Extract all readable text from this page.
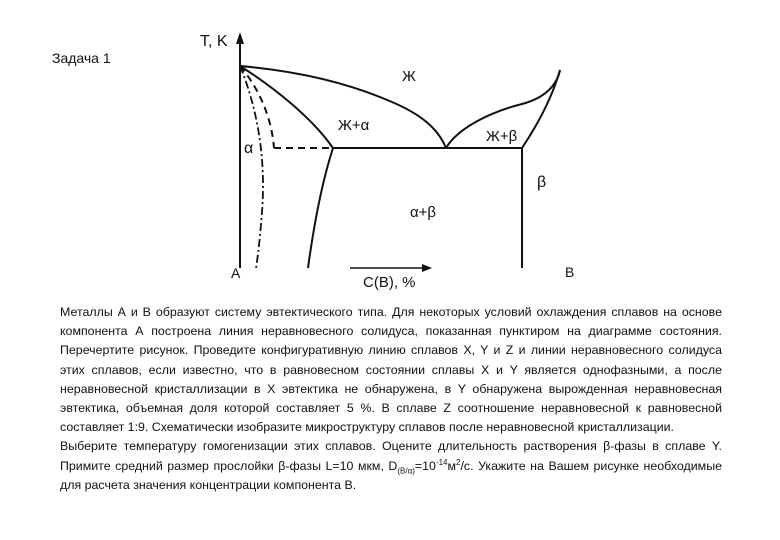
Задача 1
T, K
A	B
C(B), %
Ж
Ж+α
Ж+β
α
β
α+β

Металлы А и В образуют систему эвтектического типа. Для некоторых условий охлаждения сплавов на основе компонента А построена линия неравновесного солидуса, показанная пунктиром на диаграмме состояния. Перечертите рисунок. Проведите конфигуративную линию сплавов X, Y и Z и линии неравновесного солидуса этих сплавов, если известно, что в равновесном состоянии сплавы X и Y является однофазными, а после неравновесной кристаллизации в X эвтектика не обнаружена, в Y обнаружена вырожденная неравновесная эвтектика, объемная доля которой составляет 5 %. В сплаве Z соотношение неравновесной к равновесной составляет 1:9. Схематически изобразите микроструктуру сплавов после неравновесной кристаллизации.

Выберите температуру гомогенизации этих сплавов. Оцените длительность растворения β-фазы в сплаве Y. Примите средний размер прослойки β-фазы L=10 мкм, $D_{(B/\alpha)}=10^{-14}м^2/c$. Укажите на Вашем рисунке необходимые для расчета значения концентрации компонента В.
